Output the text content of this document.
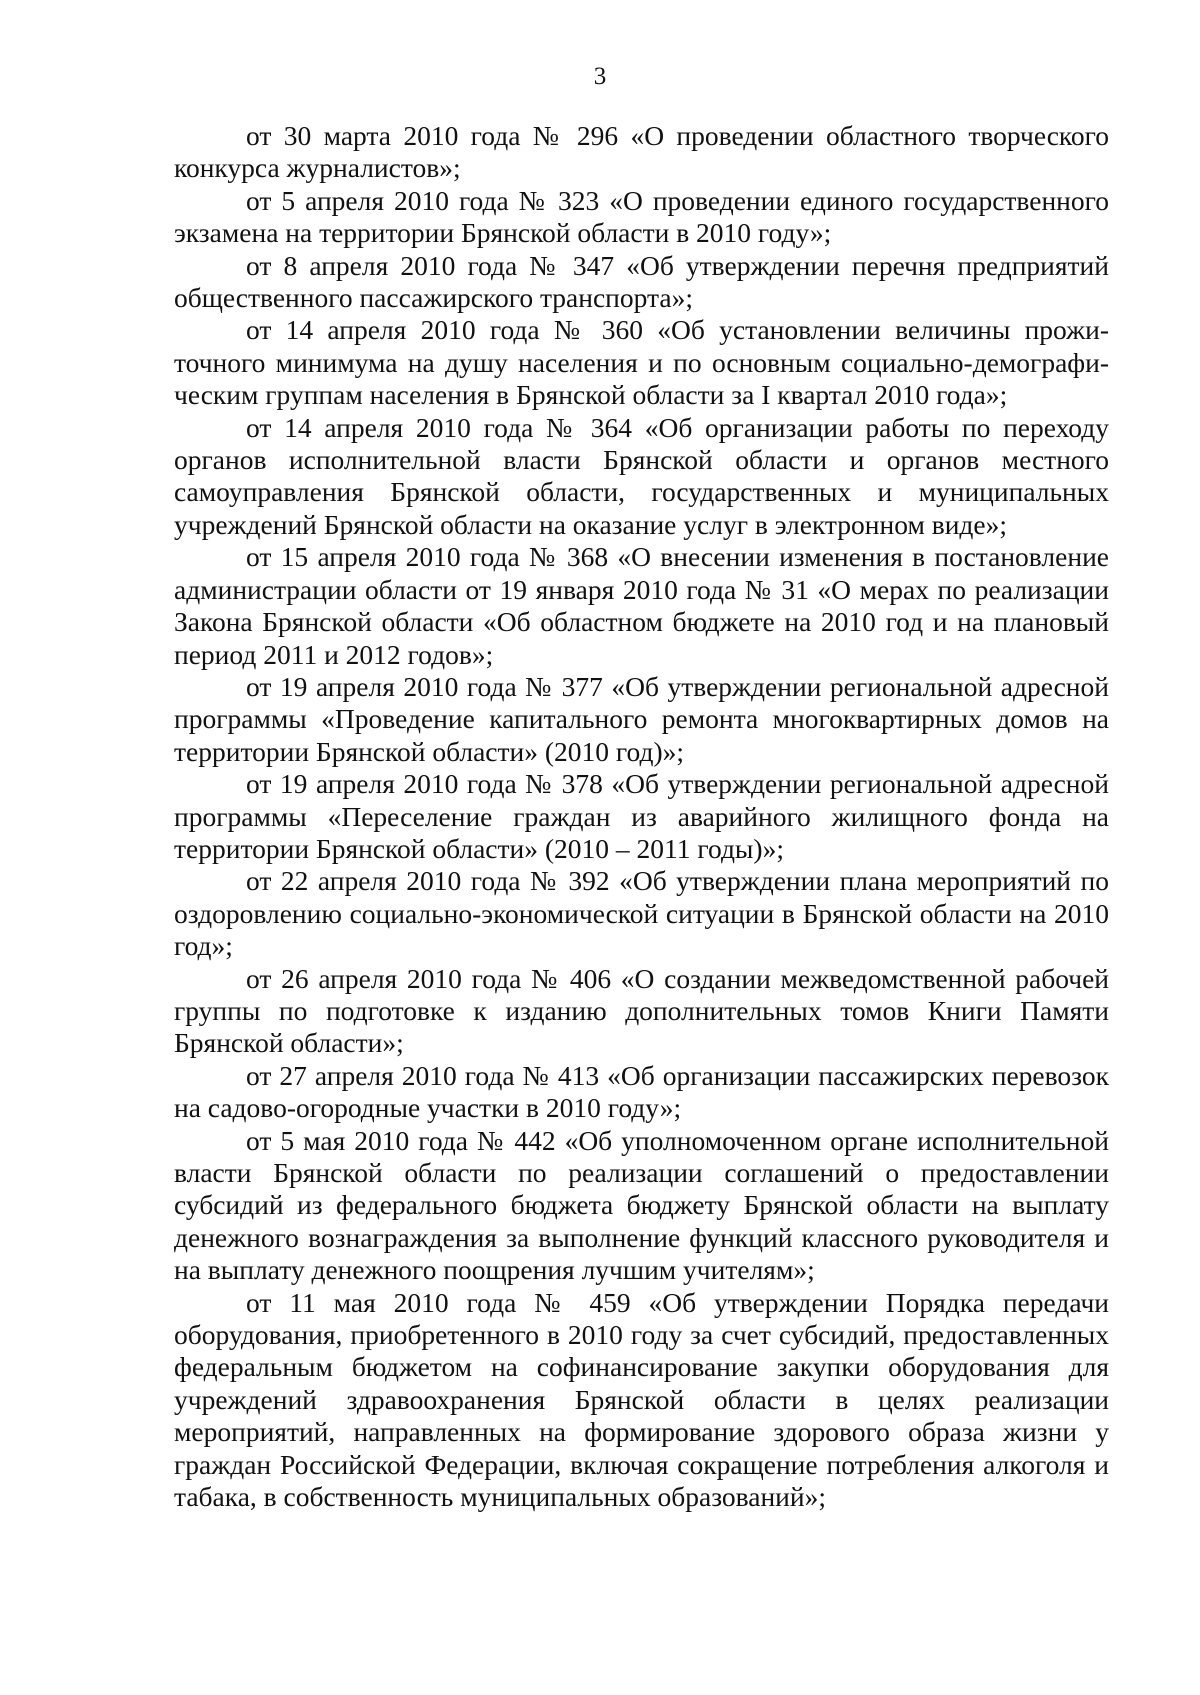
3

от 30 марта 2010 года № 296 «О проведении областного творческого конкурса журналистов»;

от 5 апреля 2010 года № 323 «О проведении единого государственного экзамена на территории Брянской области в 2010 году»;

от 8 апреля 2010 года № 347 «Об утверждении перечня предприятий общественного пассажирского транспорта»;

от 14 апреля 2010 года № 360 «Об установлении величины прожиточного минимума на душу населения и по основным социально-демографическим группам населения в Брянской области за I квартал 2010 года»;

от 14 апреля 2010 года № 364 «Об организации работы по переходу органов исполнительной власти Брянской области и органов местного самоуправления Брянской области, государственных и муниципальных учреждений Брянской области на оказание услуг в электронном виде»;

от 15 апреля 2010 года № 368 «О внесении изменения в постановление администрации области от 19 января 2010 года № 31 «О мерах по реализации Закона Брянской области «Об областном бюджете на 2010 год и на плановый период 2011 и 2012 годов»;

от 19 апреля 2010 года № 377 «Об утверждении региональной адресной программы «Проведение капитального ремонта многоквартирных домов на территории Брянской области» (2010 год)»;

от 19 апреля 2010 года № 378 «Об утверждении региональной адресной программы «Переселение граждан из аварийного жилищного фонда на территории Брянской области» (2010 – 2011 годы)»;

от 22 апреля 2010 года № 392 «Об утверждении плана мероприятий по оздоровлению социально-экономической ситуации в Брянской области на 2010 год»;

от 26 апреля 2010 года № 406 «О создании межведомственной рабочей группы по подготовке к изданию дополнительных томов Книги Памяти Брянской области»;

от 27 апреля 2010 года № 413 «Об организации пассажирских перевозок на садово-огородные участки в 2010 году»;

от 5 мая 2010 года № 442 «Об уполномоченном органе исполнительной власти Брянской области по реализации соглашений о предоставлении субсидий из федерального бюджета бюджету Брянской области на выплату денежного вознаграждения за выполнение функций классного руководителя и на выплату денежного поощрения лучшим учителям»;

от 11 мая 2010 года № 459 «Об утверждении Порядка передачи оборудования, приобретенного в 2010 году за счет субсидий, предоставленных федеральным бюджетом на софинансирование закупки оборудования для учреждений здравоохранения Брянской области в целях реализации мероприятий, направленных на формирование здорового образа жизни у граждан Российской Федерации, включая сокращение потребления алкоголя и табака, в собственность муниципальных образований»;
